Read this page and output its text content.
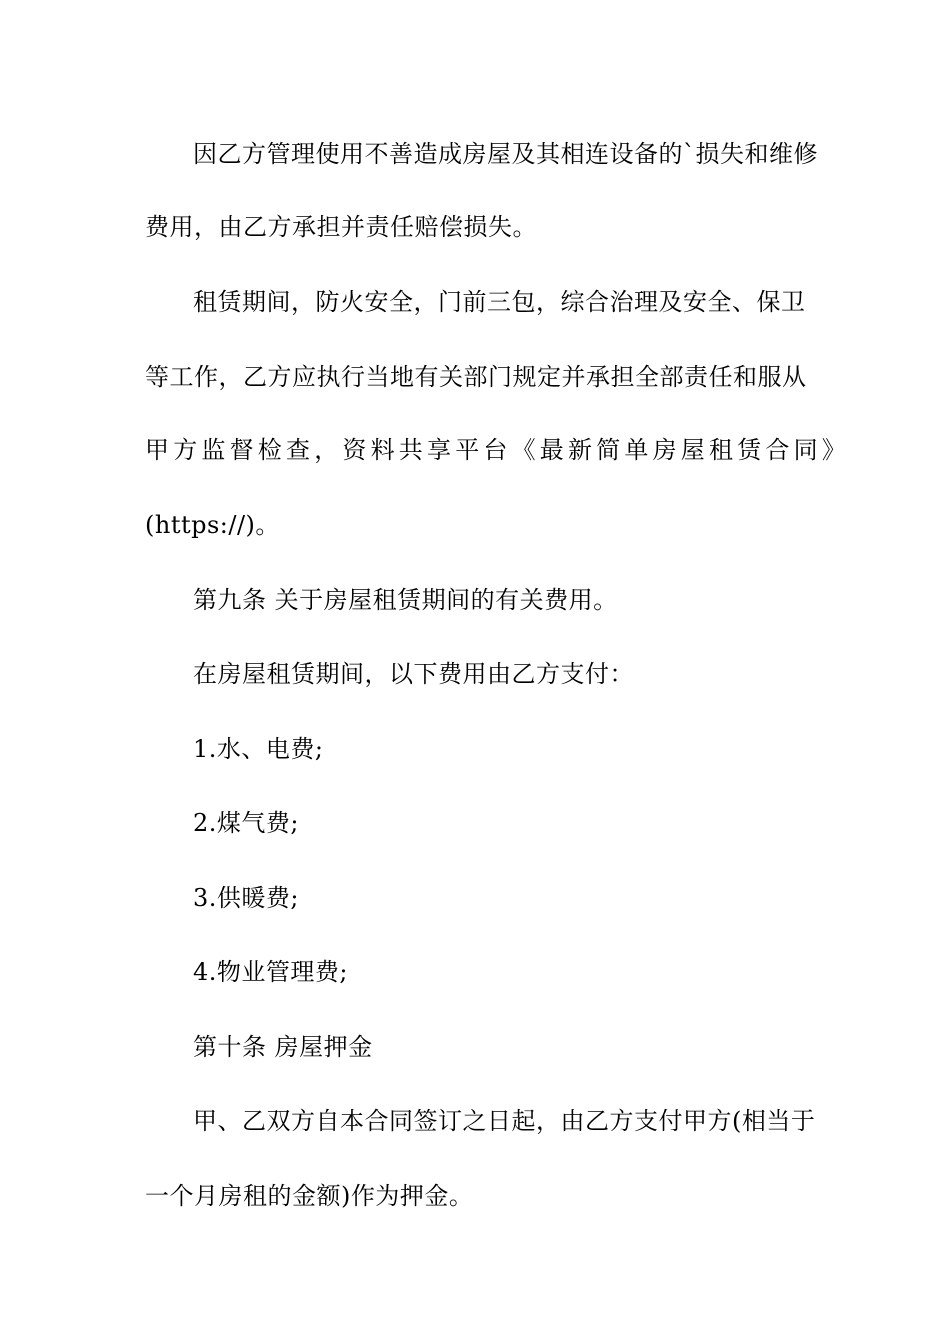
因乙方管理使用不善造成房屋及其相连设备的`损失和维修
费用，由乙方承担并责任赔偿损失。
租赁期间，防火安全，门前三包，综合治理及安全、保卫
等工作，乙方应执行当地有关部门规定并承担全部责任和服从
甲方监督检查，资料共享平台《最新简单房屋租赁合同》
(https://)。
第九条 关于房屋租赁期间的有关费用。
在房屋租赁期间，以下费用由乙方支付：
1.水、电费;
2.煤气费;
3.供暖费;
4.物业管理费;
第十条 房屋押金
甲、乙双方自本合同签订之日起，由乙方支付甲方(相当于
一个月房租的金额)作为押金。
